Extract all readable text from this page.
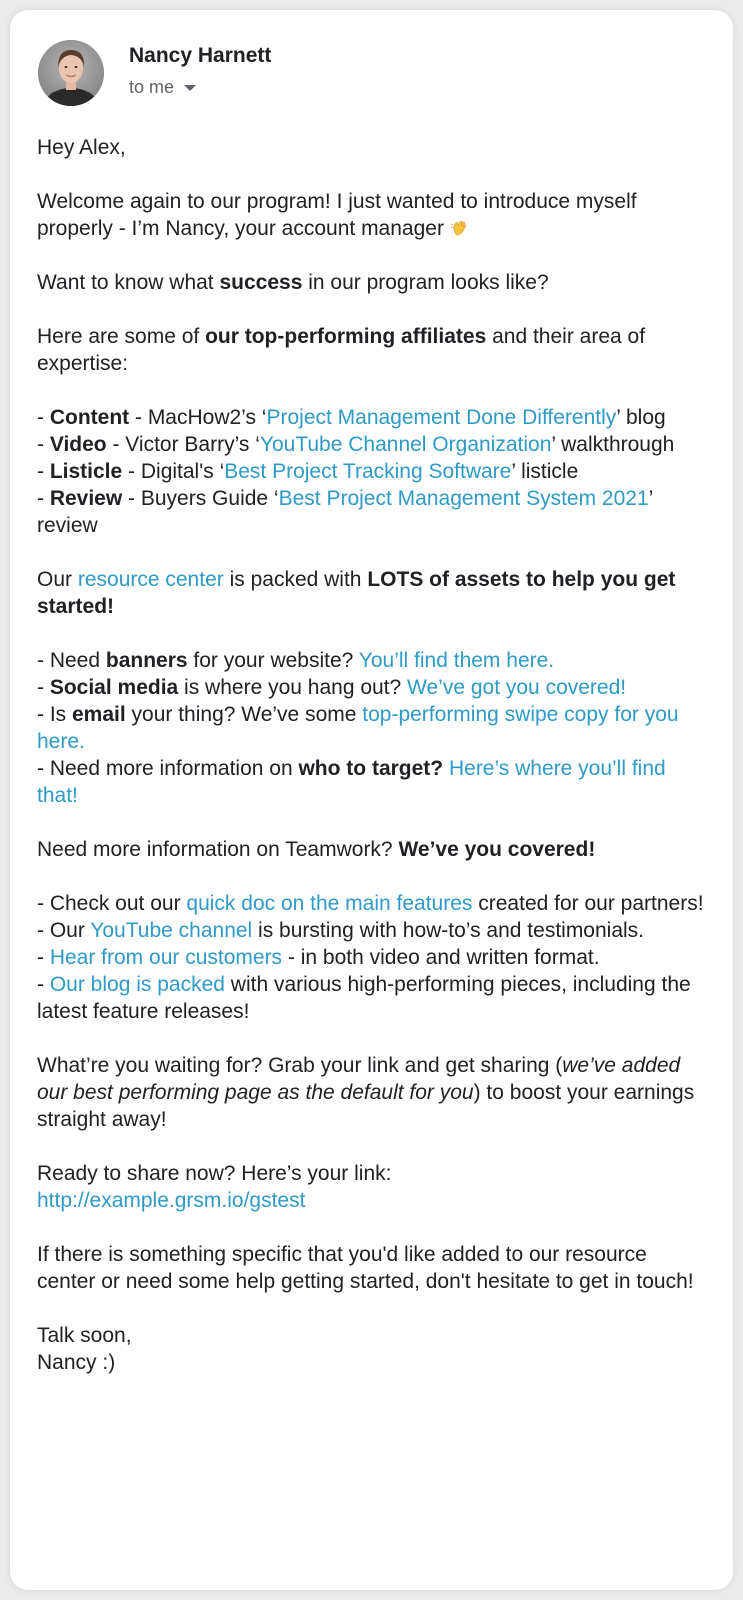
Nancy Harnett
to me

Hey Alex,

Welcome again to our program! I just wanted to introduce myself properly - I’m Nancy, your account manager

Want to know what success in our program looks like?

Here are some of our top-performing affiliates and their area of expertise:

- Content - MacHow2’s ‘Project Management Done Differently’ blog
- Video - Victor Barry’s ‘YouTube Channel Organization’ walkthrough
- Listicle - Digital's ‘Best Project Tracking Software’ listicle
- Review - Buyers Guide ‘Best Project Management System 2021’ review

Our resource center is packed with LOTS of assets to help you get started!

- Need banners for your website? You’ll find them here.
- Social media is where you hang out? We’ve got you covered!
- Is email your thing? We’ve some top-performing swipe copy for you here.
- Need more information on who to target? Here’s where you’ll find that!

Need more information on Teamwork? We’ve you covered!

- Check out our quick doc on the main features created for our partners!
- Our YouTube channel is bursting with how-to’s and testimonials.
- Hear from our customers - in both video and written format.
- Our blog is packed with various high-performing pieces, including the latest feature releases!

What’re you waiting for? Grab your link and get sharing (we’ve added our best performing page as the default for you) to boost your earnings straight away!

Ready to share now? Here’s your link:
http://example.grsm.io/gstest

If there is something specific that you'd like added to our resource center or need some help getting started, don't hesitate to get in touch!

Talk soon,
Nancy :)
